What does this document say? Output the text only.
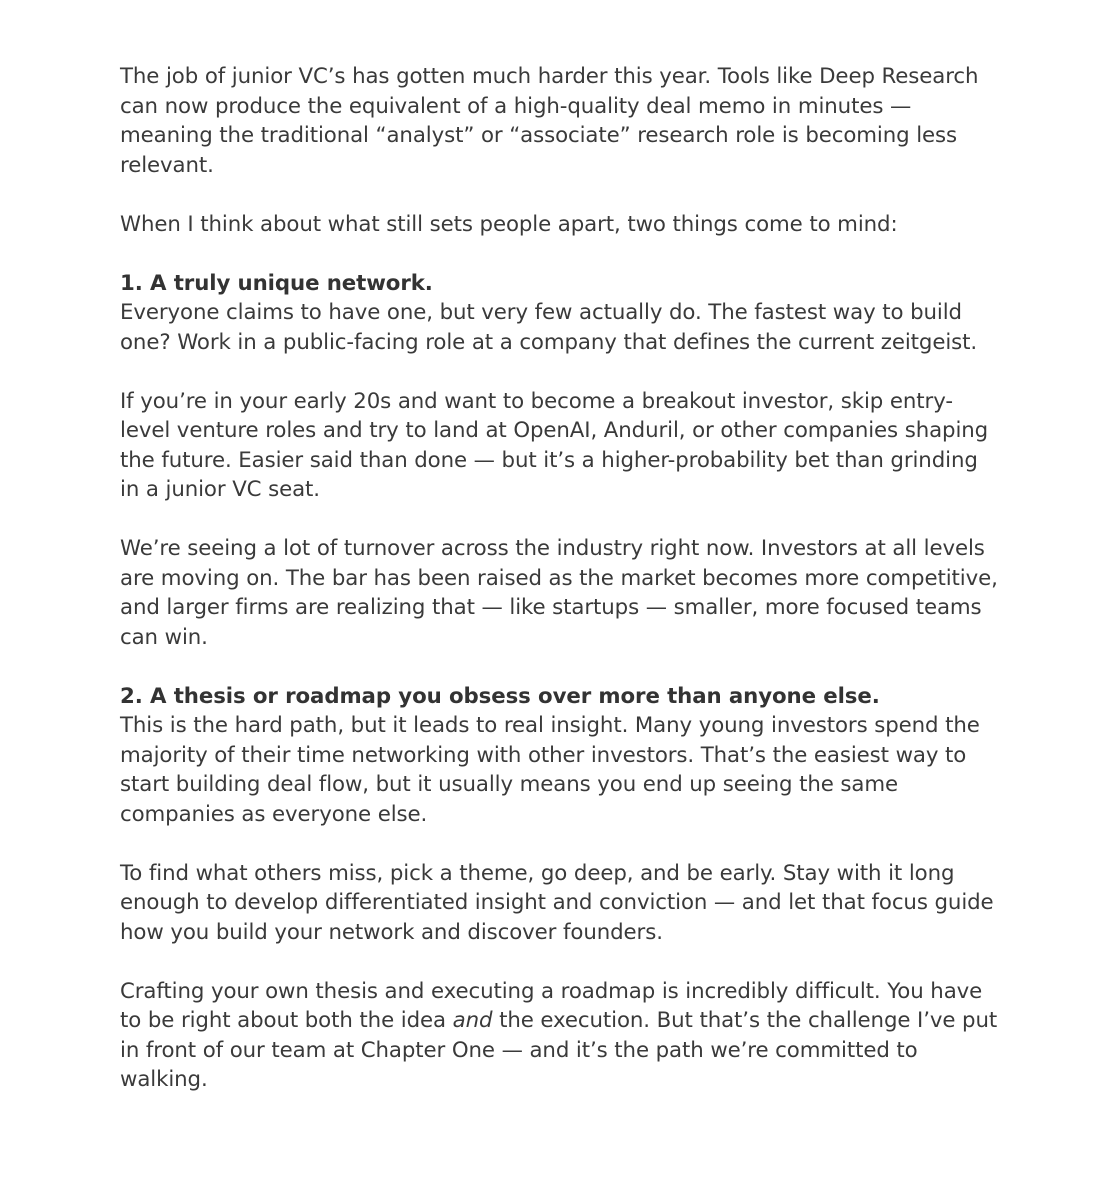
The job of junior VC’s has gotten much harder this year. Tools like Deep Research can now produce the equivalent of a high-quality deal memo in minutes — meaning the traditional “analyst” or “associate” research role is becoming less relevant.

When I think about what still sets people apart, two things come to mind:

1. A truly unique network.
Everyone claims to have one, but very few actually do. The fastest way to build one? Work in a public-facing role at a company that defines the current zeitgeist.

If you’re in your early 20s and want to become a breakout investor, skip entry-level venture roles and try to land at OpenAI, Anduril, or other companies shaping the future. Easier said than done — but it’s a higher-probability bet than grinding in a junior VC seat.

We’re seeing a lot of turnover across the industry right now. Investors at all levels are moving on. The bar has been raised as the market becomes more competitive, and larger firms are realizing that — like startups — smaller, more focused teams can win.

2. A thesis or roadmap you obsess over more than anyone else.
This is the hard path, but it leads to real insight. Many young investors spend the majority of their time networking with other investors. That’s the easiest way to start building deal flow, but it usually means you end up seeing the same companies as everyone else.

To find what others miss, pick a theme, go deep, and be early. Stay with it long enough to develop differentiated insight and conviction — and let that focus guide how you build your network and discover founders.

Crafting your own thesis and executing a roadmap is incredibly difficult. You have to be right about both the idea and the execution. But that’s the challenge I’ve put in front of our team at Chapter One — and it’s the path we’re committed to walking.
